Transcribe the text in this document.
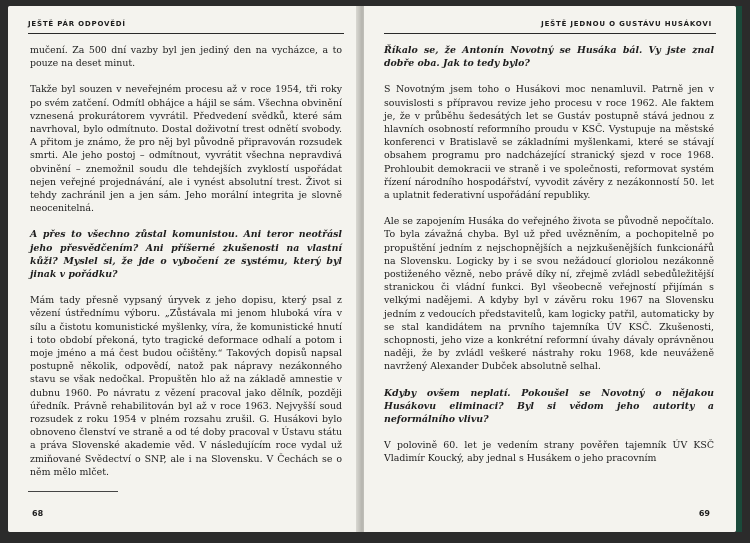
JEŠTĚ PÁR ODPOVĚDÍ

mučení. Za 500 dní vazby byl jen jediný den na vycházce, a to pouze na deset minut.

Takže byl souzen v neveřejném procesu až v roce 1954, tři roky po svém zatčení. Odmítl obhájce a hájil se sám. Všechna obvinění vznesená prokurátorem vyvrátil. Předvedení svědků, které sám navrhoval, bylo odmítnuto. Dostal doživotní trest odnětí svobody. A přitom je známo, že pro něj byl původně připravován rozsudek smrti. Ale jeho postoj – odmítnout, vyvrátit všechna nepravdivá obvinění – znemožnil soudu dle tehdejších zvyklostí uspořádat nejen veřejné projednávání, ale i vynést absolutní trest. Život si tehdy zachránil jen a jen sám. Jeho morální integrita je slovně neocenitelná.

A přes to všechno zůstal komunistou. Ani teror neotřásl jeho přesvědčením? Ani příšerné zkušenosti na vlastní kůži? Myslel si, že jde o vybočení ze systému, který byl jinak v pořádku?

Mám tady přesně vypsaný úryvek z jeho dopisu, který psal z vězení ústřednímu výboru. „Zůstávala mi jenom hluboká víra v sílu a čistotu komunistické myšlenky, víra, že komunistické hnutí i toto období překoná, tyto tragické deformace odhalí a potom i moje jméno a má čest budou očištěny.“ Takových dopisů napsal postupně několik, odpovědí, natož pak nápravy nezákonného stavu se však nedočkal. Propuštěn hlo až na základě amnestie v dubnu 1960. Po návratu z vězení pracoval jako dělník, později úředník. Právně rehabilitován byl až v roce 1963. Nejvyšší soud rozsudek z roku 1954 v plném rozsahu zrušil. G. Husákovi bylo obnoveno členství ve straně a od té doby pracoval v Ústavu státu a práva Slovenské akademie věd. V následujícím roce vydal už zmiňované Svědectví o SNP, ale i na Slovensku. V Čechách se o něm mělo mlčet.

68
JEŠTĚ JEDNOU O GUSTÁVU HUSÁKOVI

Říkalo se, že Antonín Novotný se Husáka bál. Vy jste znal dobře oba. Jak to tedy bylo?

S Novotným jsem toho o Husákovi moc nenamluvil. Patrně jen v souvislosti s přípravou revize jeho procesu v roce 1962. Ale faktem je, že v průběhu šedesátých let se Gustáv postupně stává jednou z hlavních osobností reformního proudu v KSČ. Vystupuje na městské konferenci v Bratislavě se základními myšlenkami, které se stávají obsahem programu pro nadcházející stranický sjezd v roce 1968. Prohloubit demokracii ve straně i ve společnosti, reformovat systém řízení národního hospodářství, vyvodit závěry z nezákonností 50. let a uplatnit federativní uspořádání republiky.

Ale se zapojením Husáka do veřejného života se původně nepočítalo. To byla závažná chyba. Byl už před uvězněním, a pochopitelně po propuštění jedním z nejschopnějších a nejzkušenějších funkcionářů na Slovensku. Logicky by i se svou nežádoucí gloriolou nezákonně postiženého vězně, nebo právě díky ní, zřejmě zvládl sebedůležitější stranickou či vládní funkci. Byl všeobecně veřejností přijímán s velkými nadějemi. A kdyby byl v závěru roku 1967 na Slovensku jedním z vedoucích představitelů, kam logicky patřil, automaticky by se stal kandidátem na prvního tajemníka ÚV KSČ. Zkušenosti, schopnosti, jeho vize a konkrétní reformní úvahy dávaly oprávněnou naději, že by zvládl veškeré nástrahy roku 1968, kde neuváženě navržený Alexander Dubček absolutně selhal.

Kdyby ovšem neplatí. Pokoušel se Novotný o nějakou Husákovu eliminaci? Byl si vědom jeho autority a neformálního vlivu?

V polovině 60. let je vedením strany pověřen tajemník ÚV KSČ Vladimír Koucký, aby jednal s Husákem o jeho pracovním

69
